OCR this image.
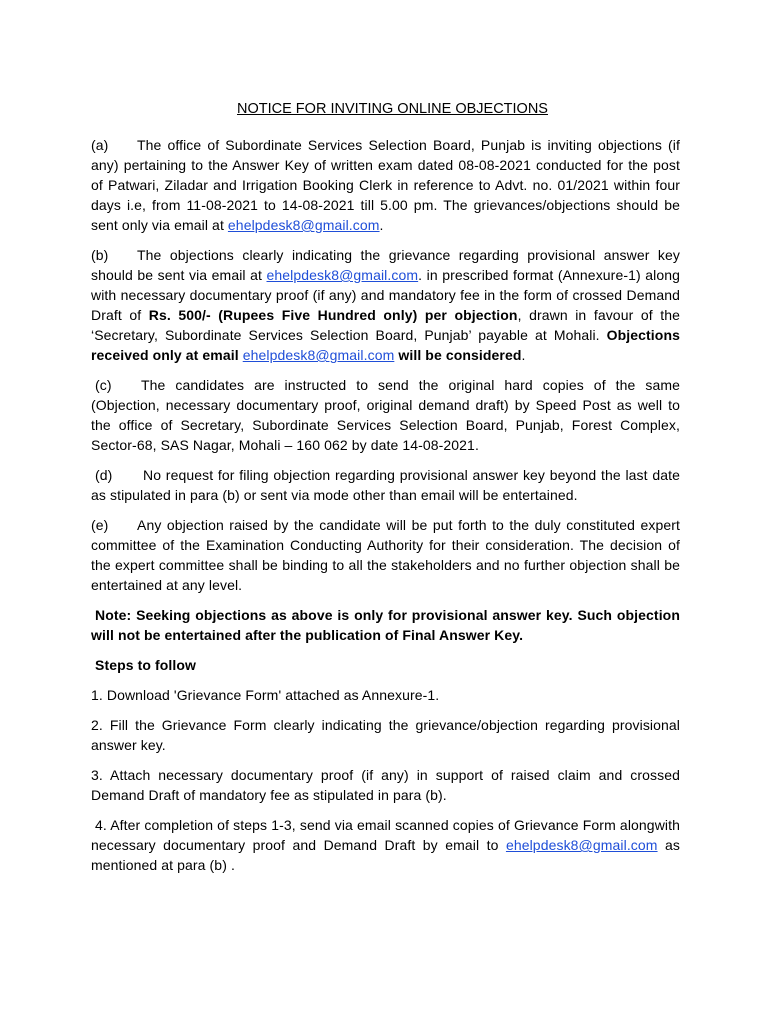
NOTICE FOR INVITING ONLINE OBJECTIONS

(a) The office of Subordinate Services Selection Board, Punjab is inviting objections (if any) pertaining to the Answer Key of written exam dated 08-08-2021 conducted for the post of Patwari, Ziladar and Irrigation Booking Clerk in reference to Advt. no. 01/2021 within four days i.e, from 11-08-2021 to 14-08-2021 till 5.00 pm. The grievances/objections should be sent only via email at ehelpdesk8@gmail.com.

(b) The objections clearly indicating the grievance regarding provisional answer key should be sent via email at ehelpdesk8@gmail.com. in prescribed format (Annexure-1) along with necessary documentary proof (if any) and mandatory fee in the form of crossed Demand Draft of Rs. 500/- (Rupees Five Hundred only) per objection, drawn in favour of the ‘Secretary, Subordinate Services Selection Board, Punjab’ payable at Mohali. Objections received only at email ehelpdesk8@gmail.com will be considered.

(c) The candidates are instructed to send the original hard copies of the same (Objection, necessary documentary proof, original demand draft) by Speed Post as well to the office of Secretary, Subordinate Services Selection Board, Punjab, Forest Complex, Sector-68, SAS Nagar, Mohali – 160 062 by date 14-08-2021.

(d) No request for filing objection regarding provisional answer key beyond the last date as stipulated in para (b) or sent via mode other than email will be entertained.

(e) Any objection raised by the candidate will be put forth to the duly constituted expert committee of the Examination Conducting Authority for their consideration. The decision of the expert committee shall be binding to all the stakeholders and no further objection shall be entertained at any level.

Note: Seeking objections as above is only for provisional answer key. Such objection will not be entertained after the publication of Final Answer Key.

Steps to follow

1. Download 'Grievance Form' attached as Annexure-1.

2. Fill the Grievance Form clearly indicating the grievance/objection regarding provisional answer key.

3. Attach necessary documentary proof (if any) in support of raised claim and crossed Demand Draft of mandatory fee as stipulated in para (b).

4. After completion of steps 1-3, send via email scanned copies of Grievance Form alongwith necessary documentary proof and Demand Draft by email to ehelpdesk8@gmail.com as mentioned at para (b) .
